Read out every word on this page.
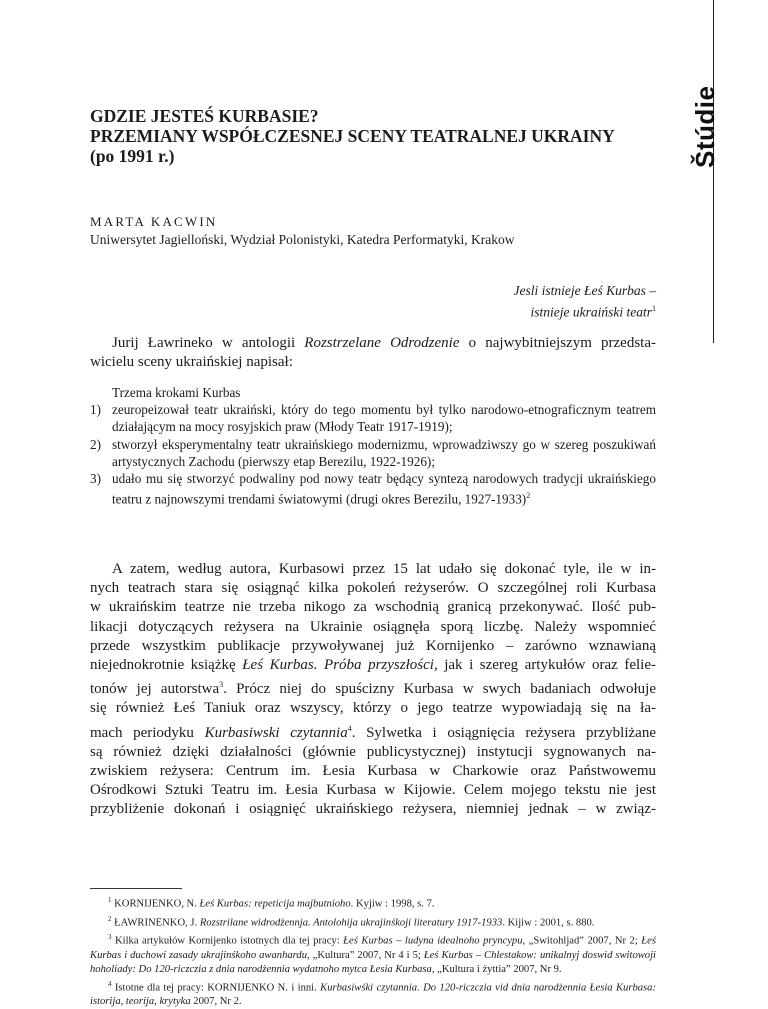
Štúdie
GDZIE JESTEŚ KURBASIE?
PRZEMIANY WSPÓŁCZESNEJ SCENY TEATRALNEJ UKRAINY
(po 1991 r.)
MARTA KACWIN
Uniwersytet Jagielloński, Wydział Polonistyki, Katedra Performatyki, Krakow
Jesli istnieje Łeś Kurbas –
istnieje ukraiński teatr$^1$
Jurij Ławrineko w antologii Rozstrzelane Odrodzenie o najwybitniejszym przedsta-
wicielu sceny ukraińskiej napisał:
Trzema krokami Kurbas
1) zeuropeizował teatr ukraiński, który do tego momentu był tylko narodowo-etnograficznym teatrem działającym na mocy rosyjskich praw (Młody Teatr 1917-1919);
2) stworzył eksperymentalny teatr ukraińskiego modernizmu, wprowadziwszy go w szereg poszukiwań artystycznych Zachodu (pierwszy etap Berezilu, 1922-1926);
3) udało mu się stworzyć podwaliny pod nowy teatr będący syntezą narodowych tradycji ukraińskiego teatru z najnowszymi trendami światowymi (drugi okres Berezilu, 1927-1933)$^2$
A zatem, według autora, Kurbasowi przez 15 lat udało się dokonać tyle, ile w in-
nych teatrach stara się osiągnąć kilka pokoleń reżyserów. O szczególnej roli Kurbasa
w ukraińskim teatrze nie trzeba nikogo za wschodnią granicą przekonywać. Ilość pub-
likacji dotyczących reżysera na Ukrainie osiągnęła sporą liczbę. Należy wspomnieć
przede wszystkim publikacje przywoływanej już Kornijenko – zarówno wznawianą
niejednokrotnie książkę Łeś Kurbas. Próba przyszłości, jak i szereg artykułów oraz felie-
tonów jej autorstwa$^3$. Prócz niej do spuścizny Kurbasa w swych badaniach odwołuje
się również Łeś Taniuk oraz wszyscy, którzy o jego teatrze wypowiadają się na ła-
mach periodyku Kurbasiwski czytannia$^4$. Sylwetka i osiągnięcia reżysera przybliżane
są również dzięki działalności (głównie publicystycznej) instytucji sygnowanych na-
zwiskiem reżysera: Centrum im. Łesia Kurbasa w Charkowie oraz Państwowemu
Ośrodkowi Sztuki Teatru im. Łesia Kurbasa w Kijowie. Celem mojego tekstu nie jest
przybliżenie dokonań i osiągnięć ukraińskiego reżysera, niemniej jednak – w związ-
$^1$ KORNIJENKO, N. Łeś Kurbas: repeticija majbutnioho. Kyjiw : 1998, s. 7.
$^2$ ŁAWRINENKO, J. Rozstrilane widrodżennja. Antolohija ukrajinśkoji literatury 1917-1933. Kijiw : 2001, s. 880.
$^3$ Kilka artykułów Kornijenko istotnych dla tej pracy: Łeś Kurbas – ludyna idealnoho pryncypu, „Switohljad” 2007, Nr 2; Łeś Kurbas i duchowi zasady ukrajinśkoho awanhardu, „Kultura” 2007, Nr 4 i 5; Łeś Kurbas – Chlestakow: unikalnyj doswid switowoji hoholiady: Do 120-riczczia z dnia narodżennia wydatnoho mytca Łesia Kurbasa, „Kultura i żyttia” 2007, Nr 9.
$^4$ Istotne dla tej pracy: KORNIJENKO N. i inni. Kurbasiwśki czytannia. Do 120-riczczia vid dnia narodżennia Łesia Kurbasa: istorija, teorija, krytyka 2007, Nr 2.
